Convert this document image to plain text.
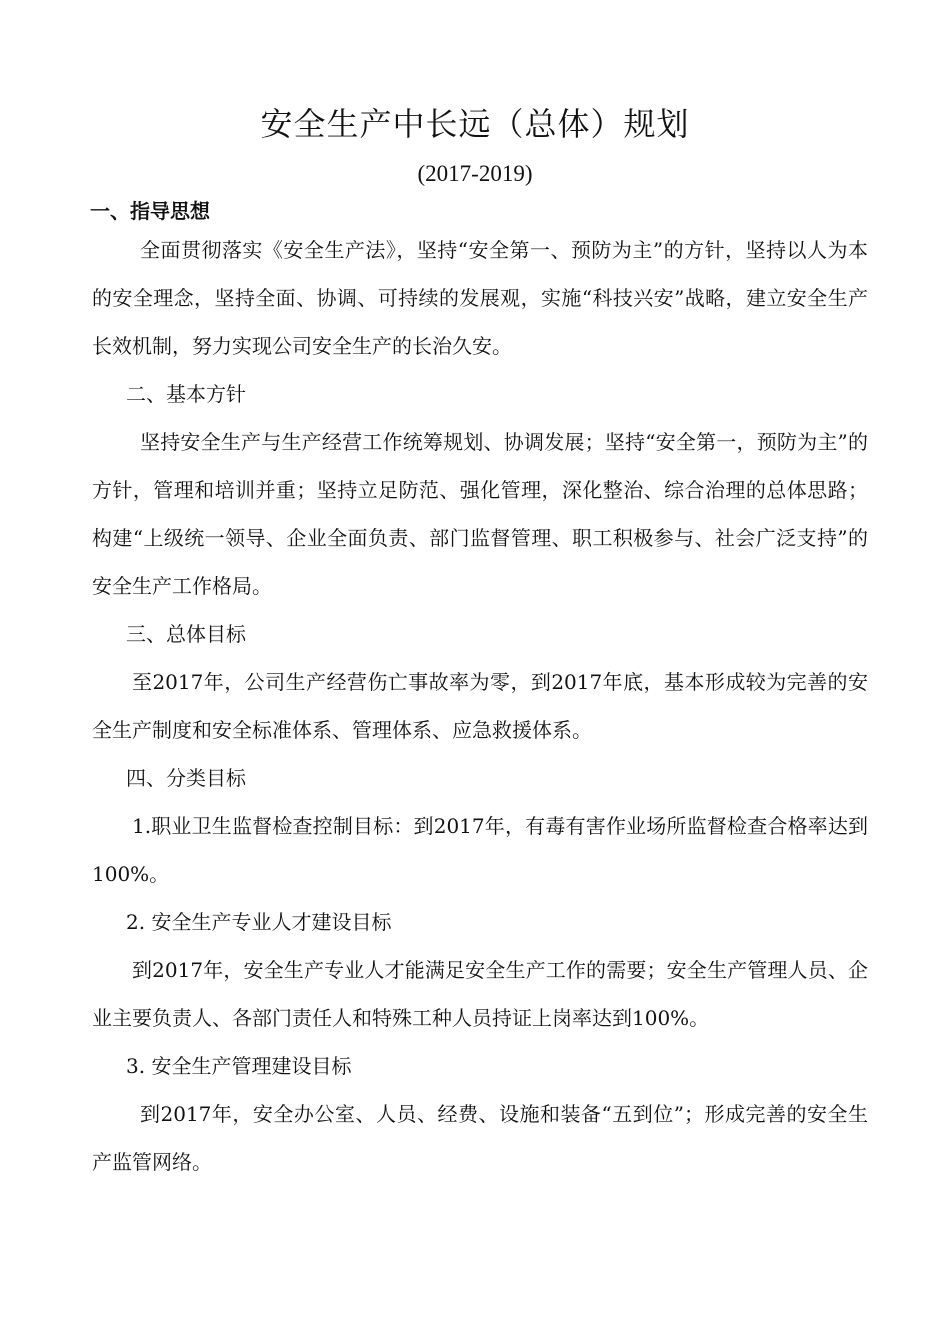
安全生产中长远（总体）规划
(2017-2019)
一、指导思想

全面贯彻落实《安全生产法》，坚持“安全第一、预防为主”的方针，坚持以人为本的安全理念，坚持全面、协调、可持续的发展观，实施“科技兴安”战略，建立安全生产长效机制，努力实现公司安全生产的长治久安。

二、基本方针

坚持安全生产与生产经营工作统筹规划、协调发展；坚持“安全第一，预防为主”的方针，管理和培训并重；坚持立足防范、强化管理，深化整治、综合治理的总体思路；构建“上级统一领导、企业全面负责、部门监督管理、职工积极参与、社会广泛支持”的安全生产工作格局。

三、总体目标

至2017年，公司生产经营伤亡事故率为零，到2017年底，基本形成较为完善的安全生产制度和安全标准体系、管理体系、应急救援体系。

四、分类目标

1.职业卫生监督检查控制目标：到2017年，有毒有害作业场所监督检查合格率达到100%。

2. 安全生产专业人才建设目标

到2017年，安全生产专业人才能满足安全生产工作的需要；安全生产管理人员、企业主要负责人、各部门责任人和特殊工种人员持证上岗率达到100%。

3. 安全生产管理建设目标

到2017年，安全办公室、人员、经费、设施和装备“五到位”；形成完善的安全生产监管网络。
